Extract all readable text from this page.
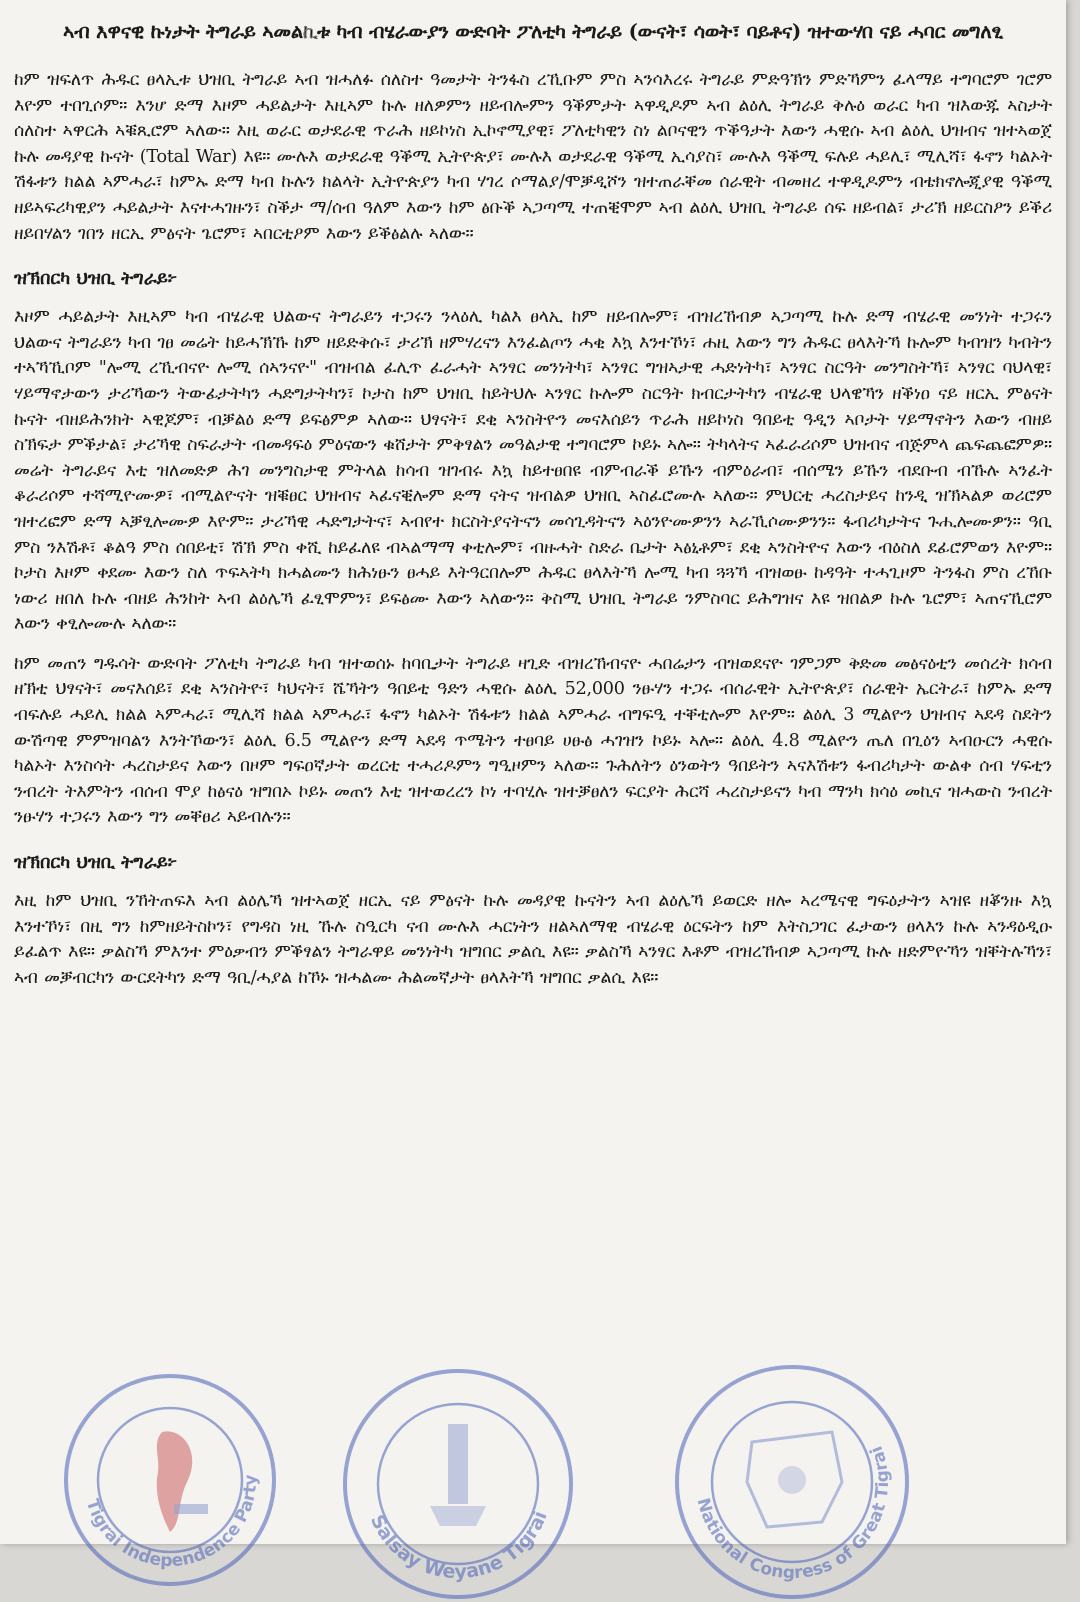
ኣብ እዋናዊ ኩነታት ትግራይ ኣመልኪቱ ካብ ብሄራውያን ውድባት ፖለቲካ ትግራይ (ውናት፣ ሳወት፣ ባይቶና) ዝተውሃበ ናይ ሓባር መግለፂ

ከም ዝፍለጥ ሕዱር ፀላኢቱ ህዝቢ ትግራይ ኣብ ዝሓለፉ ሰለስተ ዓመታት ትንፋስ ረኺቡም ምስ ኣንሳእረሩ ትግራይ ምድዓኽን ምድኻምን ፈላማይ ተግባሮም ገሮም እዮም ተበጊሶም። እንሆ ድማ እዞም ሓይልታት እዚኣም ኩሉ ዘለዎምን ዘይብሎምን ዓቕምታት ኣዋዲዶም ኣብ ልዕሊ ትግራይ ቅሉዕ ወራር ካብ ዝእውጁ ኣስታት ሰለስተ ኣዋርሕ ኣቑጺሮም ኣለው። እዚ ወራር ወታደራዊ ጥራሕ ዘይኮነስ ኢኮኖሚያዊ፣ ፖለቲካዊን ስነ ልቦናዊን ጥቕዓታት እውን ሓዊሱ ኣብ ልዕሊ ህዝብና ዝተኣወጀ ኩሉ መዳያዊ ኩናት (Total War) እዩ። ሙሉእ ወታደራዊ ዓቕሚ ኢትዮጵያ፣ ሙሉእ ወታደራዊ ዓቕሚ ኢሳያስ፣ ሙሉእ ዓቕሚ ፍሉይ ሓይሊ፣ ሚሊሻ፣ ፋኖን ካልኦት ሽፋቱን ክልል ኣምሓራ፣ ከምኡ ድማ ካብ ኩሉን ክልላት ኢትዮጵያን ካብ ሃገረ ሶማልያ/ሞቓዲሾን ዝተጠራቐመ ሰራዊት ብመዘረ ተዋዲዶምን ብቴክኖሎጂያዊ ዓቕሚ ዘይኣፍሪካዊያን ሓይልታት እናተሓገዙን፣ ስቕታ ማ/ሰብ ዓለም እውን ከም ፅቡቕ ኣጋጣሚ ተጠቒሞም ኣብ ልዕሊ ህዝቢ ትግራይ ሰፍ ዘይብል፣ ታሪኽ ዘይርስዖን ይቕሪ ዘይበሃልን ገበን ዘርኢ ምፅናት ጌሮም፣ ኣበርቲዖም እውን ይቕፅልሉ ኣለው።

ዝኽበርካ ህዝቢ ትግራይ፦

እዞም ሓይልታት እዚኣም ካብ ብሄራዊ ህልውና ትግራይን ተጋሩን ንላዕሊ ካልእ ፀላኢ ከም ዘይብሎም፣ ብዝረኸብዎ ኣጋጣሚ ኩሉ ድማ ብሄራዊ መንነት ተጋሩን ህልውና ትግራይን ካብ ገፀ መሬት ከይሓኽኹ ከም ዘይድቅሱ፣ ታሪኽ ዘምሃረናን እንፈልጦን ሓቂ እኳ እንተኾነ፣ ሐዚ እውን ግን ሕዱር ፀላእትኻ ኩሎም ካብዝን ካብትን ተኣኻኺቦም "ሎሚ ረኺብናዮ ሎሚ ሰኣንናዮ" ብዝብል ፈሊጥ ፈራሓት ኣንፃር መንነትካ፣ ኣንፃር ግዝኣታዊ ሓድነትካ፣ ኣንፃር ስርዓት መንግስትኻ፣ ኣንፃር ባህላዊ፣ ሃይማኖታውን ታሪኻውን ትውፊታትካን ሓድግታትካን፣ ኮታስ ከም ህዝቢ ከይትህሉ ኣንፃር ኩሎም ስርዓት ክብርታትካን ብሄራዊ ህላዌኻን ዘቕነዐ ናይ ዘርኢ ምፅናት ኩናት ብዘይሕንክት ኣዊጆም፣ ብቓልዕ ድማ ይፍፅምዎ ኣለው። ህፃናት፣ ደቂ ኣንስትዮን መናእሰይን ጥራሕ ዘይኮነስ ዓበይቲ ዓዲን ኣቦታት ሃይማኖትን እውን ብዘይ ስኽፍታ ምቕታል፣ ታሪኻዊ ስፍራታት ብመዳፍዕ ምዕናውን ቁሸታት ምቅፃልን መዓልታዊ ተግባሮም ኮይኑ ኣሎ። ትካላትና ኣፈራሪሶም ህዝብና ብጅምላ ጨፍጨፎምዎ። መሬት ትግራይና እቲ ዝለመድዎ ሕገ መንግስታዊ ምትላል ከሳብ ዝገብሩ እኳ ከይተፀበዩ ብምብራቕ ይኹን ብምዕራብ፣ ብሰሜን ይኹን ብደቡብ ብኹሉ ኣንፈት ቆራሪሶም ተሻሚዮሙዎ፣ ብሚልዮናት ዝቑፀር ህዝብና ኣፈናቒሎም ድማ ናትና ዝብልዎ ህዝቢ ኣስፈሮሙሉ ኣለው። ምህርቲ ሓረስታይና ከንዲ ዝኽኣልዎ ወሪሮም ዝተረፎም ድማ ኣቓፂሎሙዎ እዮም። ታሪኻዊ ሓድግታትና፣ ኣብየተ ክርስትያናትናን መሳጊዳትናን ኣዕንዮሙዎንን ኣራኺሶሙዎንን። ፋብሪካታትና ጉሒሎሙዎን። ዓቢ ምስ ንእሽቶ፣ ቆልዓ ምስ ሰበይቲ፣ ሽኽ ምስ ቀሺ ከይፈለዩ ብኣልማማ ቀቲሎም፣ ብዙሓት ስድራ ቤታት ኣፅኒቶም፣ ደቂ ኣንስትዮና እውን ብዕስለ ደፊሮምወን እዮም። ኮታስ እዞም ቀደሙ እውን ስለ ጥፍኣትካ ክሓልሙን ክሕነፁን ፀሓይ እትዓርበሎም ሕዱር ፀላእትኻ ሎሚ ካብ ጓጓኻ ብዝወፁ ከዳዓት ተሓጊዞም ትንፋስ ምስ ረኸቡ ነውሪ ዘበለ ኩሉ ብዘይ ሕንከት ኣብ ልዕሌኻ ፈፂሞምን፣ ይፍፅሙ እውን ኣለውን። ቅስሚ ህዝቢ ትግራይ ንምስባር ይሕግዝና እዩ ዝበልዎ ኩሉ ጌሮም፣ ኣጠናኺሮም እውን ቀፂሎሙሉ ኣለው።

ከም መጠን ግዱሳት ውድባት ፖለቲካ ትግራይ ካብ ዝተወሰኑ ከባቢታት ትግራይ ዛጊድ ብዝረኸብናዮ ሓበሬታን ብዝወደናዮ ገምጋም ቅድመ መፅናዕቲን መሰረት ክሳብ ዘኽቲ ህፃናት፣ መናእሰይ፣ ደቂ ኣንስትዮ፣ ካህናት፣ ሼኻትን ዓበይቲ ዓድን ሓዊሱ ልዕሊ 52,000 ንፁሃን ተጋሩ ብሰራዊት ኢትዮጵያ፣ ሰራዊት ኤርትራ፣ ከምኡ ድማ ብፍሉይ ሓይሊ ክልል ኣምሓራ፣ ሚሊሻ ክልል ኣምሓራ፣ ፋኖን ካልኦት ሽፋቱን ክልል ኣምሓራ ብግፍዒ ተቐቲሎም እዮም። ልዕሊ 3 ሚልዮን ህዝብና ኣደዳ ስደትን ውሽጣዊ ምምዝባልን እንትኾውን፣ ልዕሊ 6.5 ሚልዮን ድማ ኣደዳ ጥሜትን ተፀባይ ሀፁፅ ሓገዝን ኮይኑ ኣሎ። ልዕሊ 4.8 ሚልዮን ጤለ በጊዕን ኣብዑርን ሓዊሱ ካልኦት እንስሳት ሓረስታይና እውን በዞም ግፍዐኛታት ወረርቲ ተሓሪዶምን ግዒዞምን ኣለው። ጉሕለትን ዕንወትን ዓበይትን ኣናእሽቱን ፋብሪካታት ውልቀ ሰብ ሃፍቲን ንብረት ትእምትን ብሰብ ሞያ ከፅናዕ ዝግበኦ ኮይኑ መጠን እቲ ዝተወረረን ኮነ ተባሂሉ ዝተቓፀለን ፍርያት ሕርሻ ሓረስታይናን ካብ ማንካ ክሳዕ መኪና ዝሓውስ ንብረት ንፁሃን ተጋሩን እውን ግን መቐፀሪ ኣይብሉን።

ዝኽበርካ ህዝቢ ትግራይ፦

እዚ ከም ህዝቢ ንኸትጠፍእ ኣብ ልዕሌኻ ዝተኣወጀ ዘርኢ ናይ ምፅናት ኩሉ መዳያዊ ኩናትን ኣብ ልዕሌኻ ይወርድ ዘሎ ኣረሜናዊ ግፍዕታትን ኣዝዩ ዘቖንዙ እኳ እንተኾነ፣ በዚ ግን ከምዘይትስኮን፣ የግዳስ ነዚ ኹሉ ስዒርካ ናብ ሙሉእ ሓርነትን ዘልኣለማዊ ብሄራዊ ዕርፍትን ከም እትስጋገር ፈታውን ፀላእን ኩሉ ኣንዳዕዲዑ ይፈልጥ እዩ። ቃልስኻ ምእንተ ምዕቃብን ምቕፃልን ትግራዋይ መንነትካ ዝግበር ቃልሲ እዩ። ቃልስኻ ኣንፃር እቶም ብዝረኸብዎ ኣጋጣሚ ኩሉ ዘድምዮኻን ዝቐትሉኻን፣ ኣብ መቓብርካን ውርደትካን ድማ ዓቢ/ሓያል ከኾኑ ዝሓልሙ ሕልመኛታት ፀላእትኻ ዝግበር ቃልሲ እዩ።

Tigrai Independence Party
Salsay Weyane Tigrai
National Congress of Great Tigrai
